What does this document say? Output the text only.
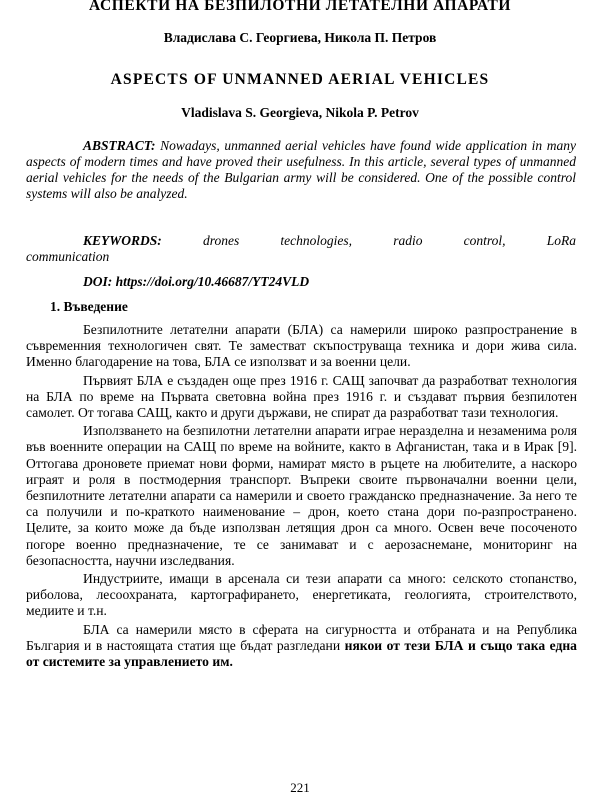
АСПЕКТИ НА БЕЗПИЛОТНИ ЛЕТАТЕЛНИ АПАРАТИ
Владислава С. Георгиева, Никола П. Петров
ASPECTS OF UNMANNED AERIAL VEHICLES
Vladislava S. Georgieva, Nikola P. Petrov
ABSTRACT: Nowadays, unmanned aerial vehicles have found wide application in many aspects of modern times and have proved their usefulness. In this article, several types of unmanned aerial vehicles for the needs of the Bulgarian army will be considered. One of the possible control systems will also be analyzed.
KEYWORDS:	drones	technologies,	radio	control,	LoRa
communication
DOI: https://doi.org/10.46687/YT24VLD
1. Въведение

Безпилотните летателни апарати (БЛА) са намерили широко разпространение в съвременния технологичен свят. Те заместват скъпоструваща техника и дори жива сила. Именно благодарение на това, БЛА се използват и за военни цели.

Първият БЛА е създаден още през 1916 г. САЩ започват да разработват технология на БЛА по време на Първата световна война през 1916 г. и създават първия безпилотен самолет. От тогава САЩ, както и други държави, не спират да разработват тази технология.

Използването на безпилотни летателни апарати играе неразделна и незаменима роля във военните операции на САЩ по време на войните, както в Афганистан, така и в Ирак [9]. Оттогава дроновете приемат нови форми, намират място в ръцете на любителите, а наскоро играят и роля в постмодерния транспорт. Въпреки своите първоначални военни цели, безпилотните летателни апарати са намерили и своето гражданско предназначение. За него те са получили и по-краткото наименование – дрон, което стана дори по-разпространено. Целите, за които може да бъде използван летящия дрон са много. Освен вече посоченото погоре военно предназначение, те се занимават и с аерозаснемане, мониторинг на безопасността, научни изследвания.

Индустриите, имащи в арсенала си тези апарати са много: селското стопанство, риболова, лесоохраната, картографирането, енергетиката, геологията, строителството, медиите и т.н.

БЛА са намерили място в сферата на сигурността и отбраната и на Република България и в настоящата статия ще бъдат разгледани някои от тези БЛА и също така една от системите за управлението им.

221
